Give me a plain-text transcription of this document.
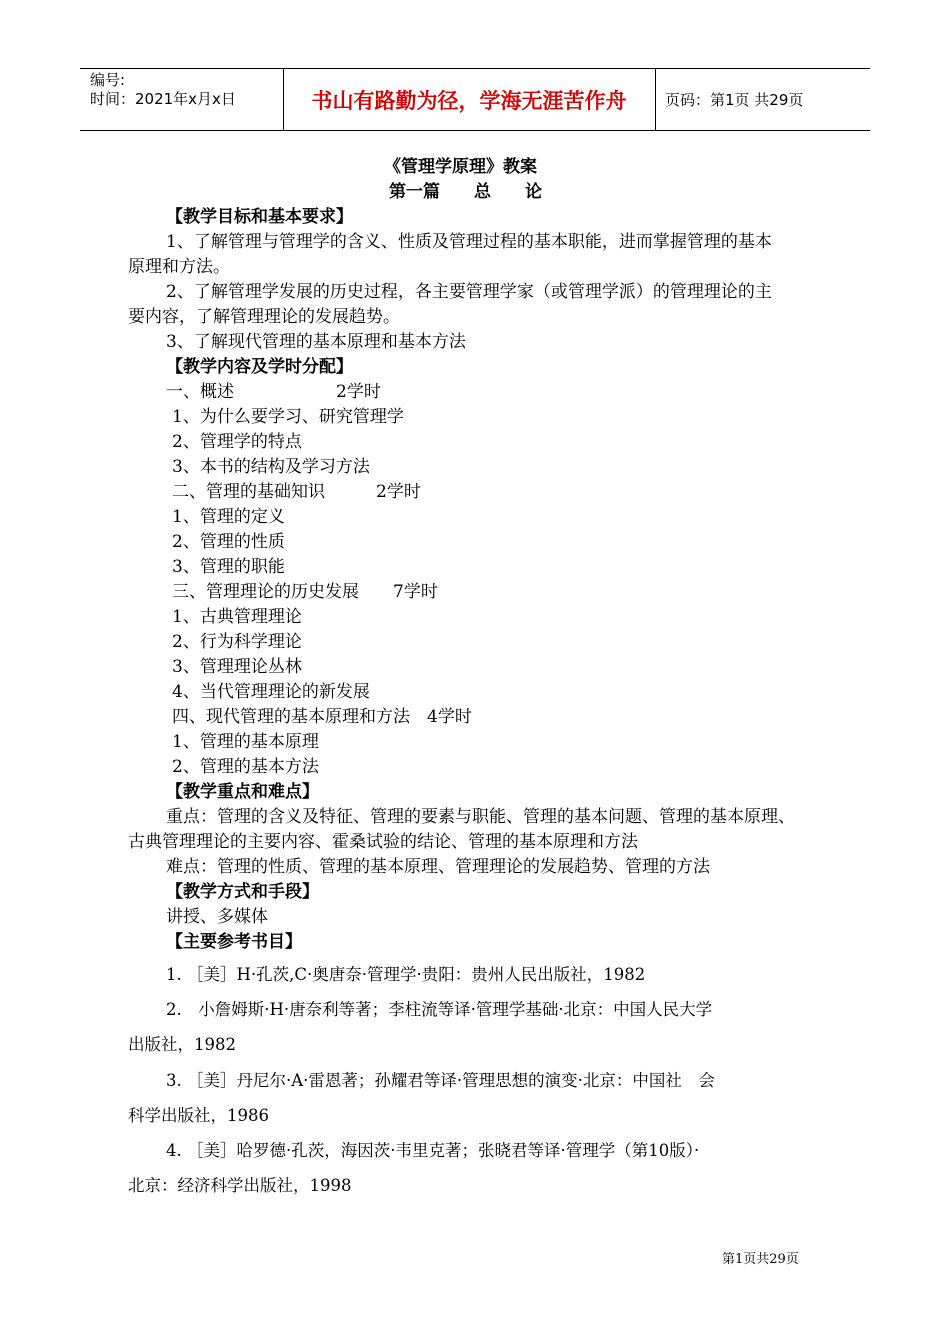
编号:
时间：2021年x月x日	书山有路勤为径，学海无涯苦作舟	页码：第1页 共29页
《管理学原理》教案
第一篇　　总　　论
【教学目标和基本要求】
1、了解管理与管理学的含义、性质及管理过程的基本职能，进而掌握管理的基本
原理和方法。
2、了解管理学发展的历史过程，各主要管理学家（或管理学派）的管理理论的主
要内容，了解管理理论的发展趋势。
3、了解现代管理的基本原理和基本方法
【教学内容及学时分配】
一、概述　　　　　　2学时
1、为什么要学习、研究管理学
2、管理学的特点
3、本书的结构及学习方法
二、管理的基础知识　　　2学时
1、管理的定义
2、管理的性质
3、管理的职能
三、管理理论的历史发展　　7学时
1、古典管理理论
2、行为科学理论
3、管理理论丛林
4、当代管理理论的新发展
四、现代管理的基本原理和方法　4学时
1、管理的基本原理
2、管理的基本方法
【教学重点和难点】
重点：管理的含义及特征、管理的要素与职能、管理的基本问题、管理的基本原理、
古典管理理论的主要内容、霍桑试验的结论、管理的基本原理和方法
难点：管理的性质、管理的基本原理、管理理论的发展趋势、管理的方法
【教学方式和手段】
讲授、多媒体
【主要参考书目】
1. ［美］H·孔茨,C·奥唐奈·管理学·贵阳：贵州人民出版社，1982
2.　小詹姆斯·H·唐奈利等著；李柱流等译·管理学基础·北京：中国人民大学
出版社，1982
3. ［美］丹尼尔·A·雷恩著；孙耀君等译·管理思想的演变·北京：中国社　会
科学出版社，1986
4. ［美］哈罗德·孔茨，海因茨·韦里克著；张晓君等译·管理学（第10版）·
北京：经济科学出版社，1998
第1页共29页
